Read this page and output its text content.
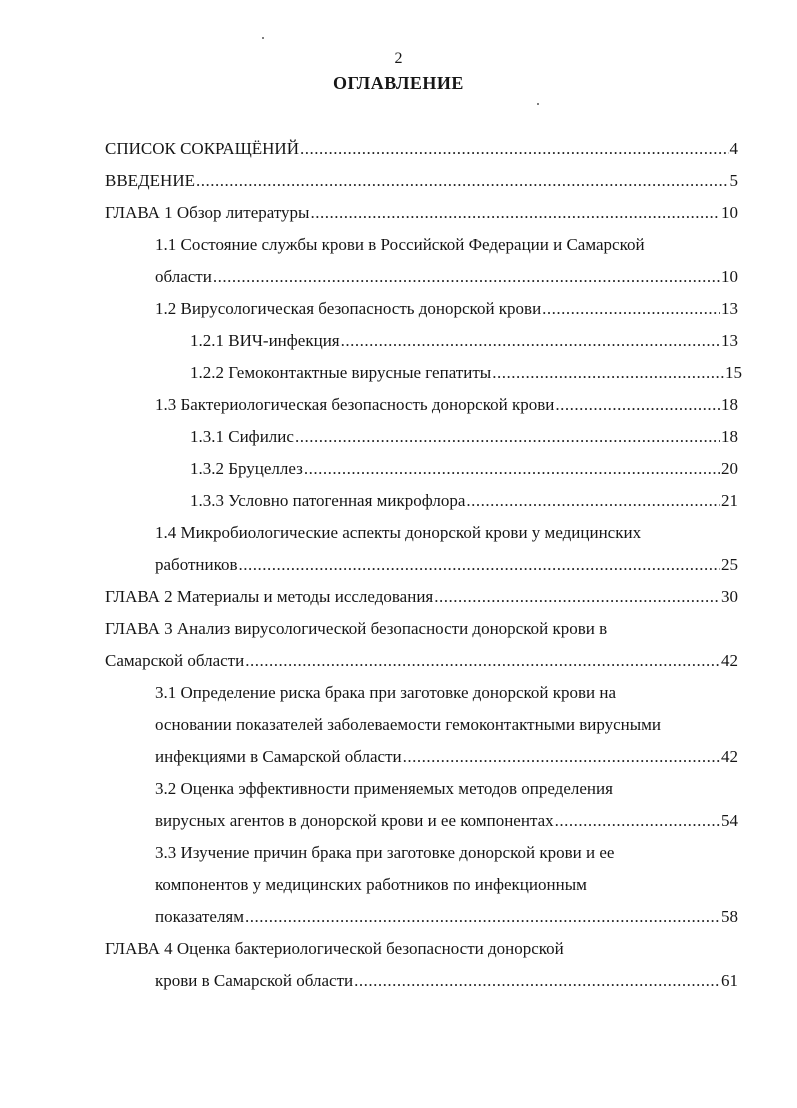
2
ОГЛАВЛЕНИЕ
СПИСОК СОКРАЩЁНИЙ .....	4
ВВЕДЕНИЕ .....	5
ГЛАВА 1 Обзор литературы .....	10
1.1 Состояние службы крови в Российской Федерации и Самарской
области .....	10
1.2 Вирусологическая безопасность донорской крови .....	13
1.2.1 ВИЧ-инфекция .....	13
1.2.2 Гемоконтактные вирусные гепатиты .....	15
1.3 Бактериологическая безопасность донорской крови .....	18
1.3.1 Сифилис .....	18
1.3.2 Бруцеллез .....	20
1.3.3 Условно патогенная микрофлора .....	21
1.4 Микробиологические аспекты донорской крови у медицинских
работников .....	25
ГЛАВА 2 Материалы и методы исследования .....	30
ГЛАВА 3 Анализ вирусологической безопасности донорской крови в
Самарской области .....	42
3.1 Определение риска брака при заготовке донорской крови на
основании показателей заболеваемости гемоконтактными вирусными
инфекциями в Самарской области .....	42
3.2 Оценка эффективности применяемых методов определения
вирусных агентов в донорской крови и ее компонентах .....	54
3.3 Изучение причин брака при заготовке донорской крови и ее
компонентов у медицинских работников по инфекционным
показателям .....	58
ГЛАВА 4 Оценка бактериологической безопасности донорской
крови в Самарской области .....	61
